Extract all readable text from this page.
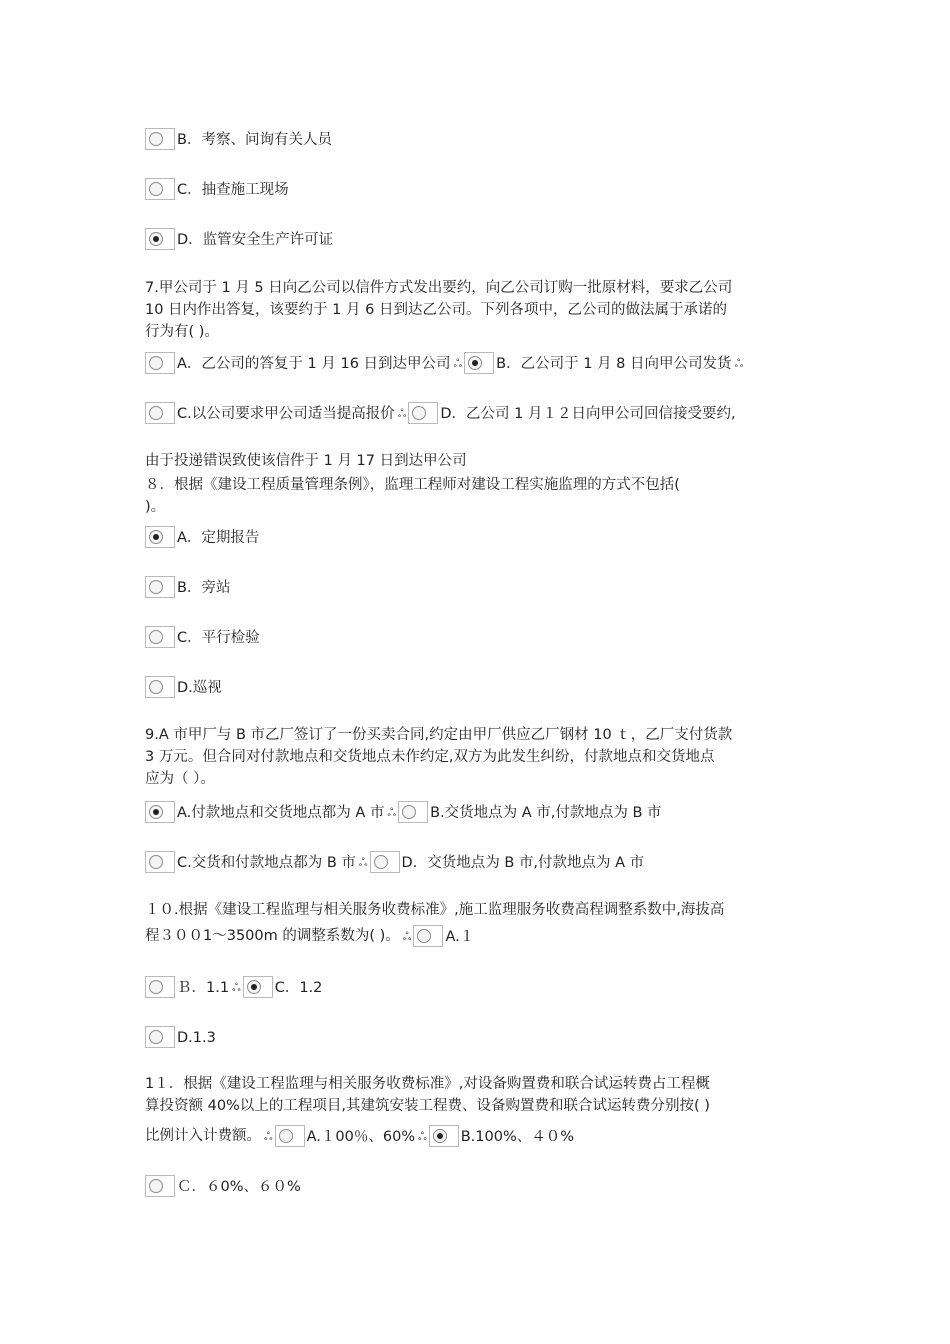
B．考察、问询有关人员
C．抽查施工现场
D．监管安全生产许可证
7.甲公司于 1 月 5 日向乙公司以信件方式发出要约，向乙公司订购一批原材料，要求乙公司
10 日内作出答复，该要约于 1 月 6 日到达乙公司。下列各项中，乙公司的做法属于承诺的
行为有( )。
A．乙公司的答复于 1 月 16 日到达甲公司 ஃ B．乙公司于 1 月 8 日向甲公司发货 ஃ
C.以公司要求甲公司适当提高报价 ஃ D．乙公司 1 月１２日向甲公司回信接受要约,
由于投递错误致使该信件于 1 月 17 日到达甲公司
８．根据《建设工程质量管理条例》，监理工程师对建设工程实施监理的方式不包括(
)。
A．定期报告
B．旁站
C．平行检验
D.巡视
9.A 市甲厂与 B 市乙厂签订了一份买卖合同,约定由甲厂供应乙厂钢材 10 ｔ，乙厂支付货款
3 万元。但合同对付款地点和交货地点未作约定,双方为此发生纠纷，付款地点和交货地点
应为（ ）。
A.付款地点和交货地点都为 A 市 ஃ B.交货地点为 A 市,付款地点为 B 市
C.交货和付款地点都为 B 市 ஃ D．交货地点为 B 市,付款地点为 A 市
１０.根据《建设工程监理与相关服务收费标准》,施工监理服务收费高程调整系数中,海拔高
程３００1～3500m 的调整系数为( )。 ஃ A.１
Ｂ．1.1 ஃ C．1.2
D.1.3
1１．根据《建设工程监理与相关服务收费标准》,对设备购置费和联合试运转费占工程概
算投资额 40%以上的工程项目,其建筑安装工程费、设备购置费和联合试运转费分别按( )
比例计入计费额。 ஃ A.１00％、60% ஃ B.100%、４０%
Ｃ．６0%、６０%
